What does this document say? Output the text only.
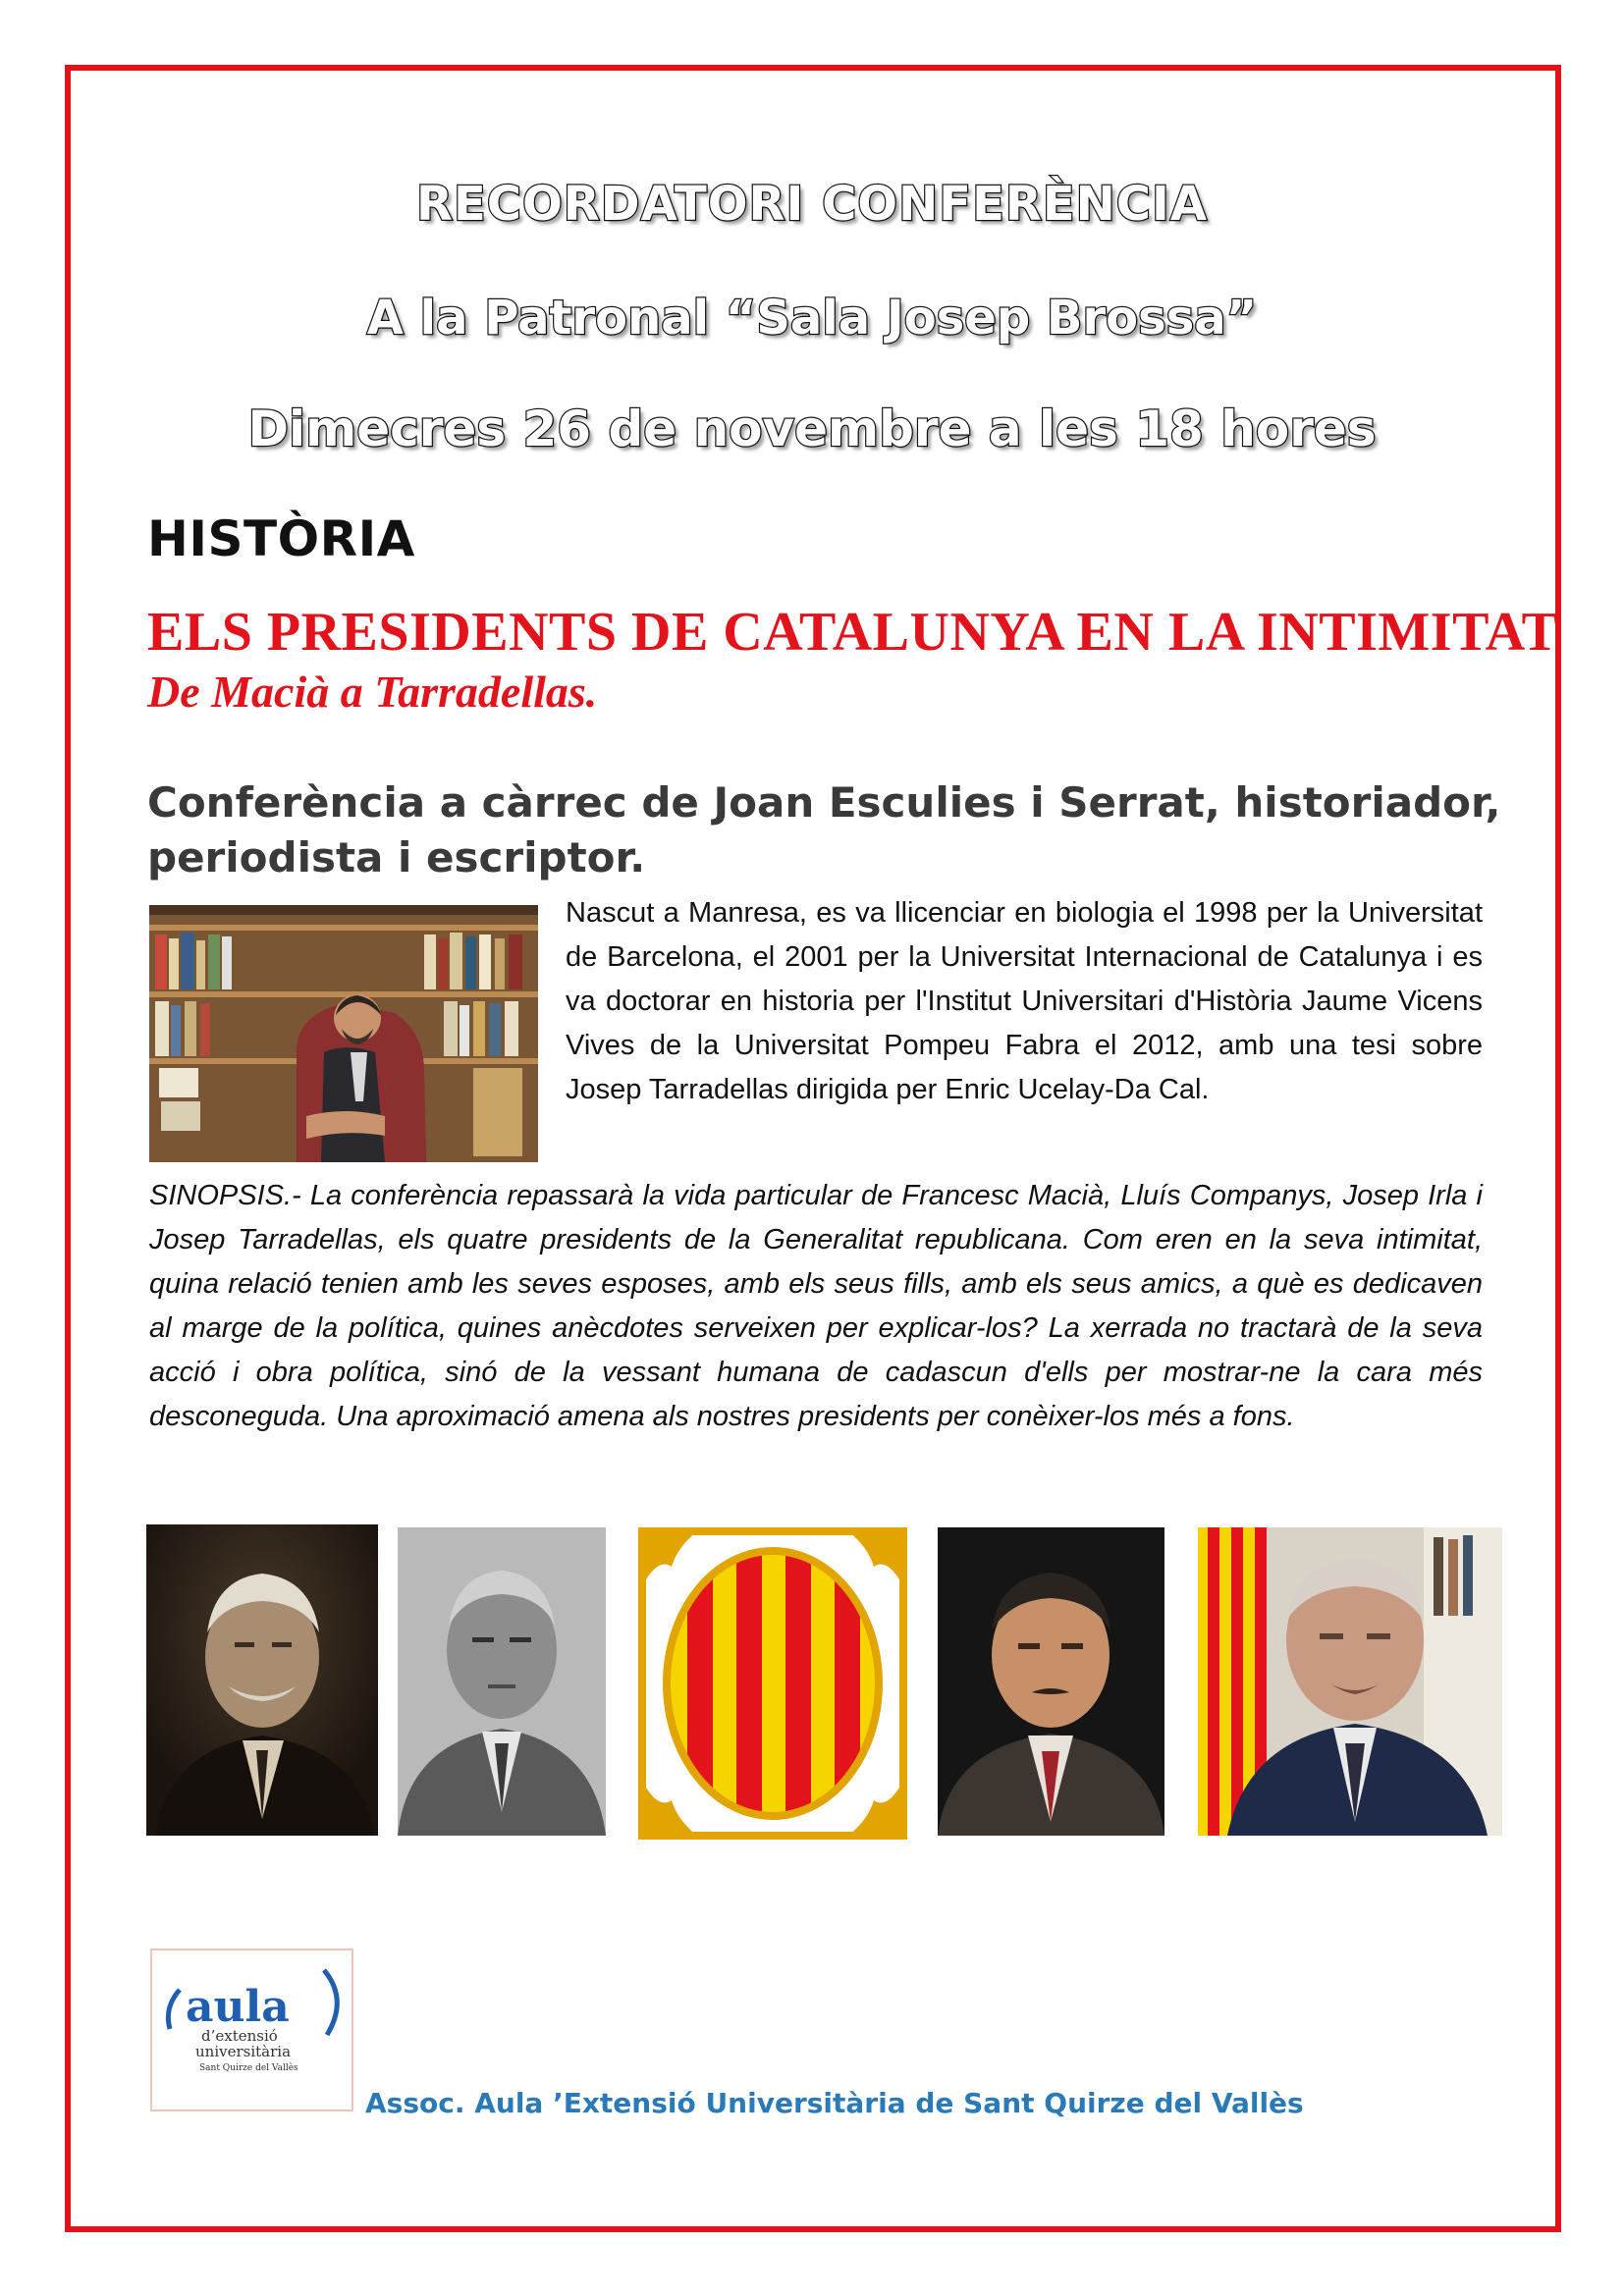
RECORDATORI CONFERÈNCIA
A la Patronal “Sala Josep Brossa”
Dimecres 26 de novembre a les 18 hores
HISTÒRIA
ELS PRESIDENTS DE CATALUNYA EN LA INTIMITAT
De Macià a Tarradellas.
Conferència a càrrec de Joan Esculies i Serrat, historiador, periodista i escriptor.
Nascut a Manresa, es va llicenciar en biologia el 1998 per la Universitat de Barcelona, el 2001 per la Universitat Internacional de Catalunya i es va doctorar en historia per l'Institut Universitari d'Història Jaume Vicens Vives de la Universitat Pompeu Fabra el 2012, amb una tesi sobre Josep Tarradellas dirigida per Enric Ucelay-Da Cal.
SINOPSIS.- La conferència repassarà la vida particular de Francesc Macià, Lluís Companys, Josep Irla i Josep Tarradellas, els quatre presidents de la Generalitat republicana. Com eren en la seva intimitat, quina relació tenien amb les seves esposes, amb els seus fills, amb els seus amics, a què es dedicaven al marge de la política, quines anècdotes serveixen per explicar-los? La xerrada no tractarà de la seva acció i obra política, sinó de la vessant humana de cadascun d'ells per mostrar-ne la cara més desconeguda. Una aproximació amena als nostres presidents per conèixer-los més a fons.
aula
d’extensió
universitària
Sant Quirze del Vallès
Assoc. Aula ’Extensió Universitària de Sant Quirze del Vallès
